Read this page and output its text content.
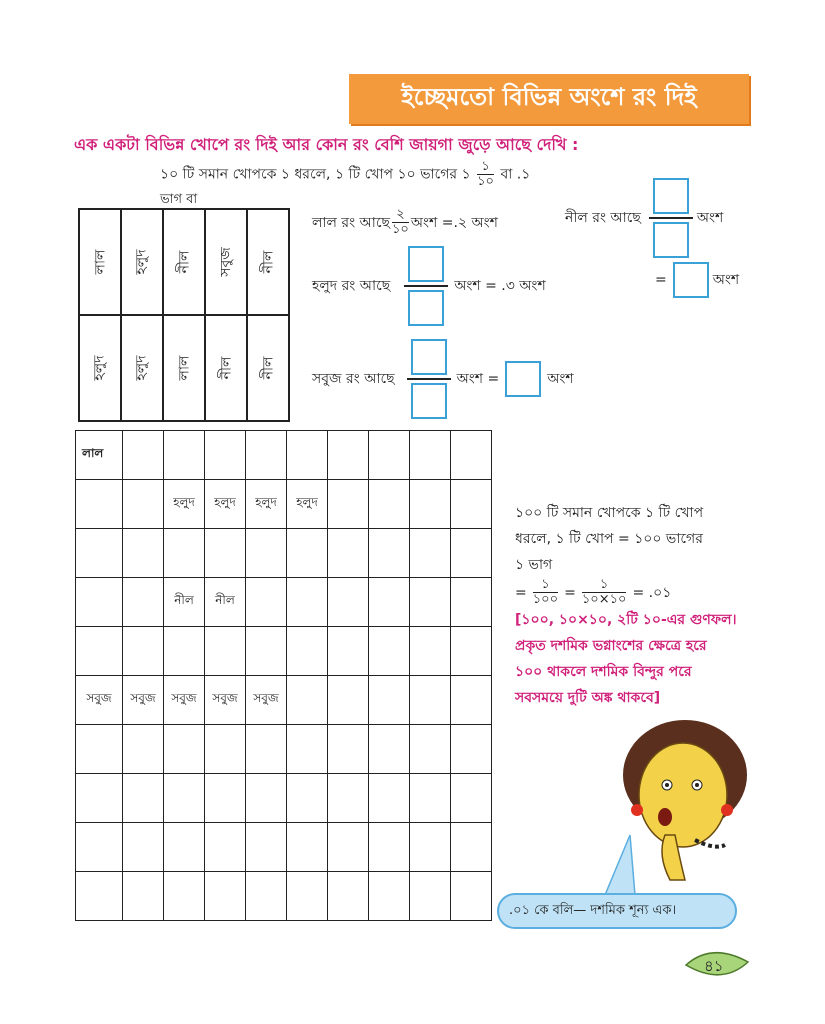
ইচ্ছেমতো বিভিন্ন অংশে রং দিই
এক একটা বিভিন্ন খোপে রং দিই আর কোন রং বেশি জায়গা জুড়ে আছে দেখি :
১০ টি সমান খোপকে ১ ধরলে, ১ টি খোপ ১০ ভাগের ১ $\frac{১}{১০}$ বা .১
ভাগ বা
লাল	হলুদ	নীল	সবুজ	নীল
হলুদ	হলুদ	লাল	নীল	নীল
লাল রং আছে $\frac{২}{১০}$ অংশ =.২ অংশ	নীল রং আছে	অংশ
=	অংশ
হলুদ রং আছে	অংশ = .৩ অংশ
সবুজ রং আছে	অংশ =	অংশ
লাল									
		হলুদ	হলুদ	হলুদ	হলুদ				

		নীল	নীল						

সবুজ	সবুজ	সবুজ	সবুজ	সবুজ					

১০০ টি সমান খোপকে ১ টি খোপ
ধরলে, ১ টি খোপ = ১০০ ভাগের
১ ভাগ
= $\frac{১}{১০০} = \frac{১}{১০\times ১০}$ = .০১
[১০০, ১০×১০, ২টি ১০-এর গুণফল।
প্রকৃত দশমিক ভগ্নাংশের ক্ষেত্রে হরে
১০০ থাকলে দশমিক বিন্দুর পরে
সবসময়ে দুটি অঙ্ক থাকবে]
.০১ কে বলি— দশমিক শূন্য এক।
৪১
